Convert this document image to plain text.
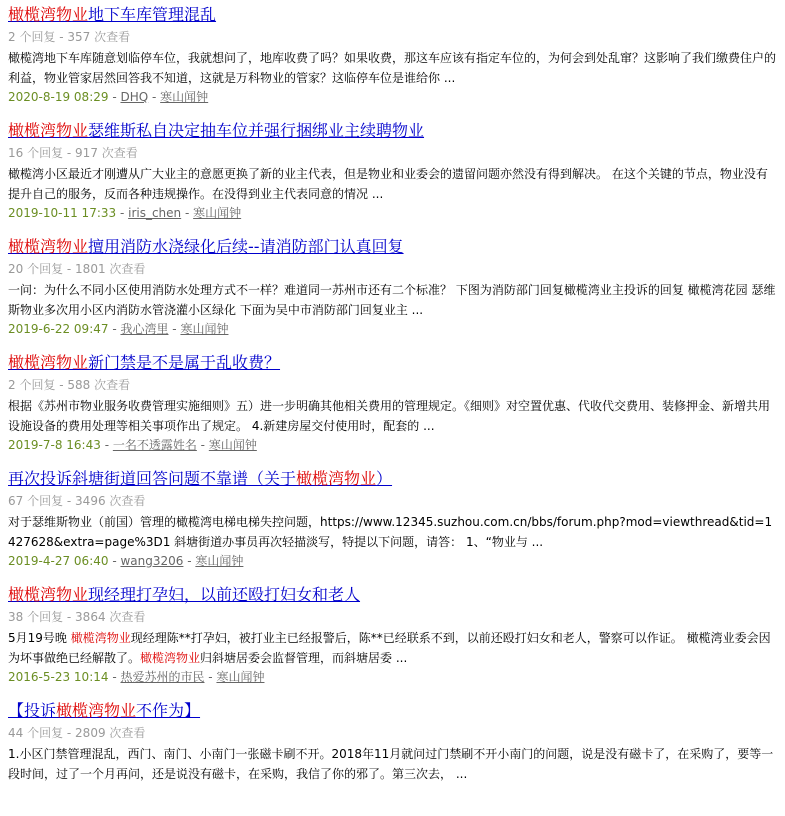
橄榄湾物业地下车库管理混乱
2 个回复 - 357 次查看
橄榄湾地下车库随意划临停车位，我就想问了，地库收费了吗？如果收费，那这车应该有指定车位的，为何会到处乱窜？这影响了我们缴费住户的利益，物业管家居然回答我不知道，这就是万科物业的管家？这临停车位是谁给你 ...
2020-8-19 08:29 - DHQ - 寒山闻钟
橄榄湾物业瑟维斯私自决定抽车位并强行捆绑业主续聘物业
16 个回复 - 917 次查看
橄榄湾小区最近才刚遭从广大业主的意愿更换了新的业主代表，但是物业和业委会的遗留问题亦然没有得到解决。 在这个关键的节点，物业没有提升自己的服务，反而各种违规操作。在没得到业主代表同意的情况 ...
2019-10-11 17:33 - iris_chen - 寒山闻钟
橄榄湾物业擅用消防水浇绿化后续--请消防部门认真回复
20 个回复 - 1801 次查看
一问：为什么不同小区使用消防水处理方式不一样？难道同一苏州市还有二个标准？ 下图为消防部门回复橄榄湾业主投诉的回复 橄榄湾花园 瑟维斯物业多次用小区内消防水管浇灌小区绿化 下面为吴中市消防部门回复业主 ...
2019-6-22 09:47 - 我心湾里 - 寒山闻钟
橄榄湾物业新门禁是不是属于乱收费？
2 个回复 - 588 次查看
根据《苏州市物业服务收费管理实施细则》五）进一步明确其他相关费用的管理规定。《细则》对空置优惠、代收代交费用、装修押金、新增共用设施设备的费用处理等相关事项作出了规定。 4.新建房屋交付使用时，配套的 ...
2019-7-8 16:43 - 一名不透露姓名 - 寒山闻钟
再次投诉斜塘街道回答问题不靠谱（关于橄榄湾物业）
67 个回复 - 3496 次查看
对于瑟维斯物业（前国）管理的橄榄湾电梯电梯失控问题，https://www.12345.suzhou.com.cn/bbs/forum.php?mod=viewthread&tid=1427628&extra=page%3D1 斜塘街道办事员再次轻描淡写，特提以下问题，请答： 1、“物业与 ...
2019-4-27 06:40 - wang3206 - 寒山闻钟
橄榄湾物业现经理打孕妇，以前还殴打妇女和老人
38 个回复 - 3864 次查看
5月19号晚 橄榄湾物业现经理陈**打孕妇，被打业主已经报警后，陈**已经联系不到，以前还殴打妇女和老人，警察可以作证。 橄榄湾业委会因为坏事做绝已经解散了。橄榄湾物业归斜塘居委会监督管理，而斜塘居委 ...
2016-5-23 10:14 - 热爱苏州的市民 - 寒山闻钟
【投诉橄榄湾物业不作为】
44 个回复 - 2809 次查看
1.小区门禁管理混乱，西门、南门、小南门一张磁卡刷不开。2018年11月就问过门禁刷不开小南门的问题，说是没有磁卡了，在采购了，要等一段时间，过了一个月再问，还是说没有磁卡，在采购，我信了你的邪了。第三次去， ...
